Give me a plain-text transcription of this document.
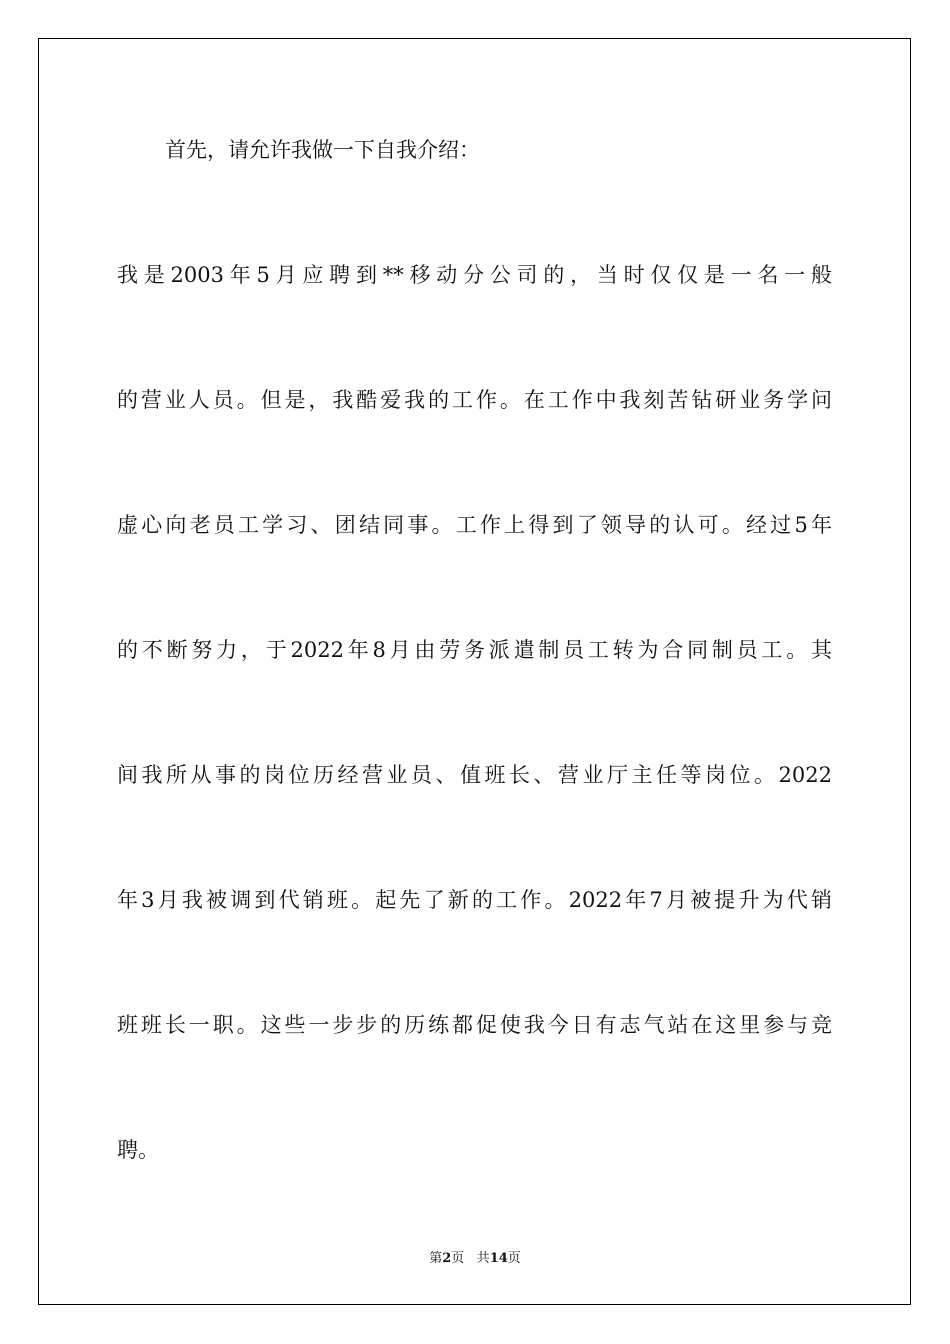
首先，请允许我做一下自我介绍：
我是2003年5月应聘到**移动分公司的，当时仅仅是一名一般
的营业人员。但是，我酷爱我的工作。在工作中我刻苦钻研业务学问
虚心向老员工学习、团结同事。工作上得到了领导的认可。经过5年
的不断努力，于2022年8月由劳务派遣制员工转为合同制员工。其
间我所从事的岗位历经营业员、值班长、营业厅主任等岗位。2022
年3月我被调到代销班。起先了新的工作。2022年7月被提升为代销
班班长一职。这些一步步的历练都促使我今日有志气站在这里参与竞
聘。
第2页 共14页
